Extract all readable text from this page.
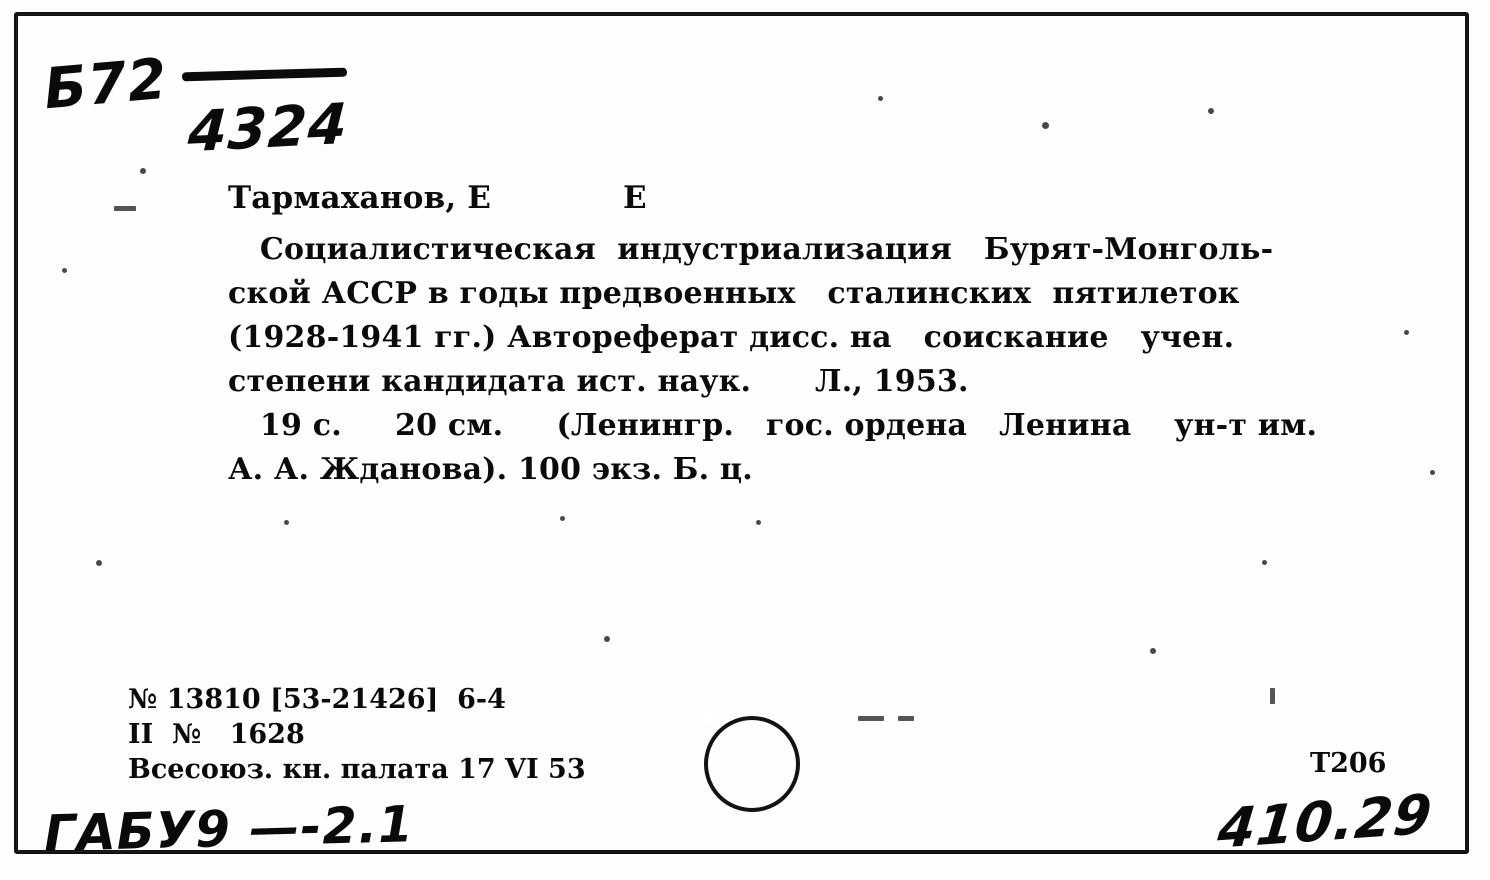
Б72
4324
Тармаханов, Е            Е
Социалистическая  индустриализация   Бурят-Монголь-
ской АССР в годы предвоенных   сталинских  пятилеток
(1928-1941 гг.) Автореферат дисс. на   соискание   учен.
степени кандидата ист. наук.      Л., 1953.
19 с.     20 см.     (Ленингр.   гос. ордена   Ленина    ун-т им.
А. А. Жданова). 100 экз. Б. ц.
№ 13810 [53-21426]  6-4
II  №   1628
Всесоюз. кн. палата 17 VI 53	Т206
ГАБУ9 —-2.1	410.29
